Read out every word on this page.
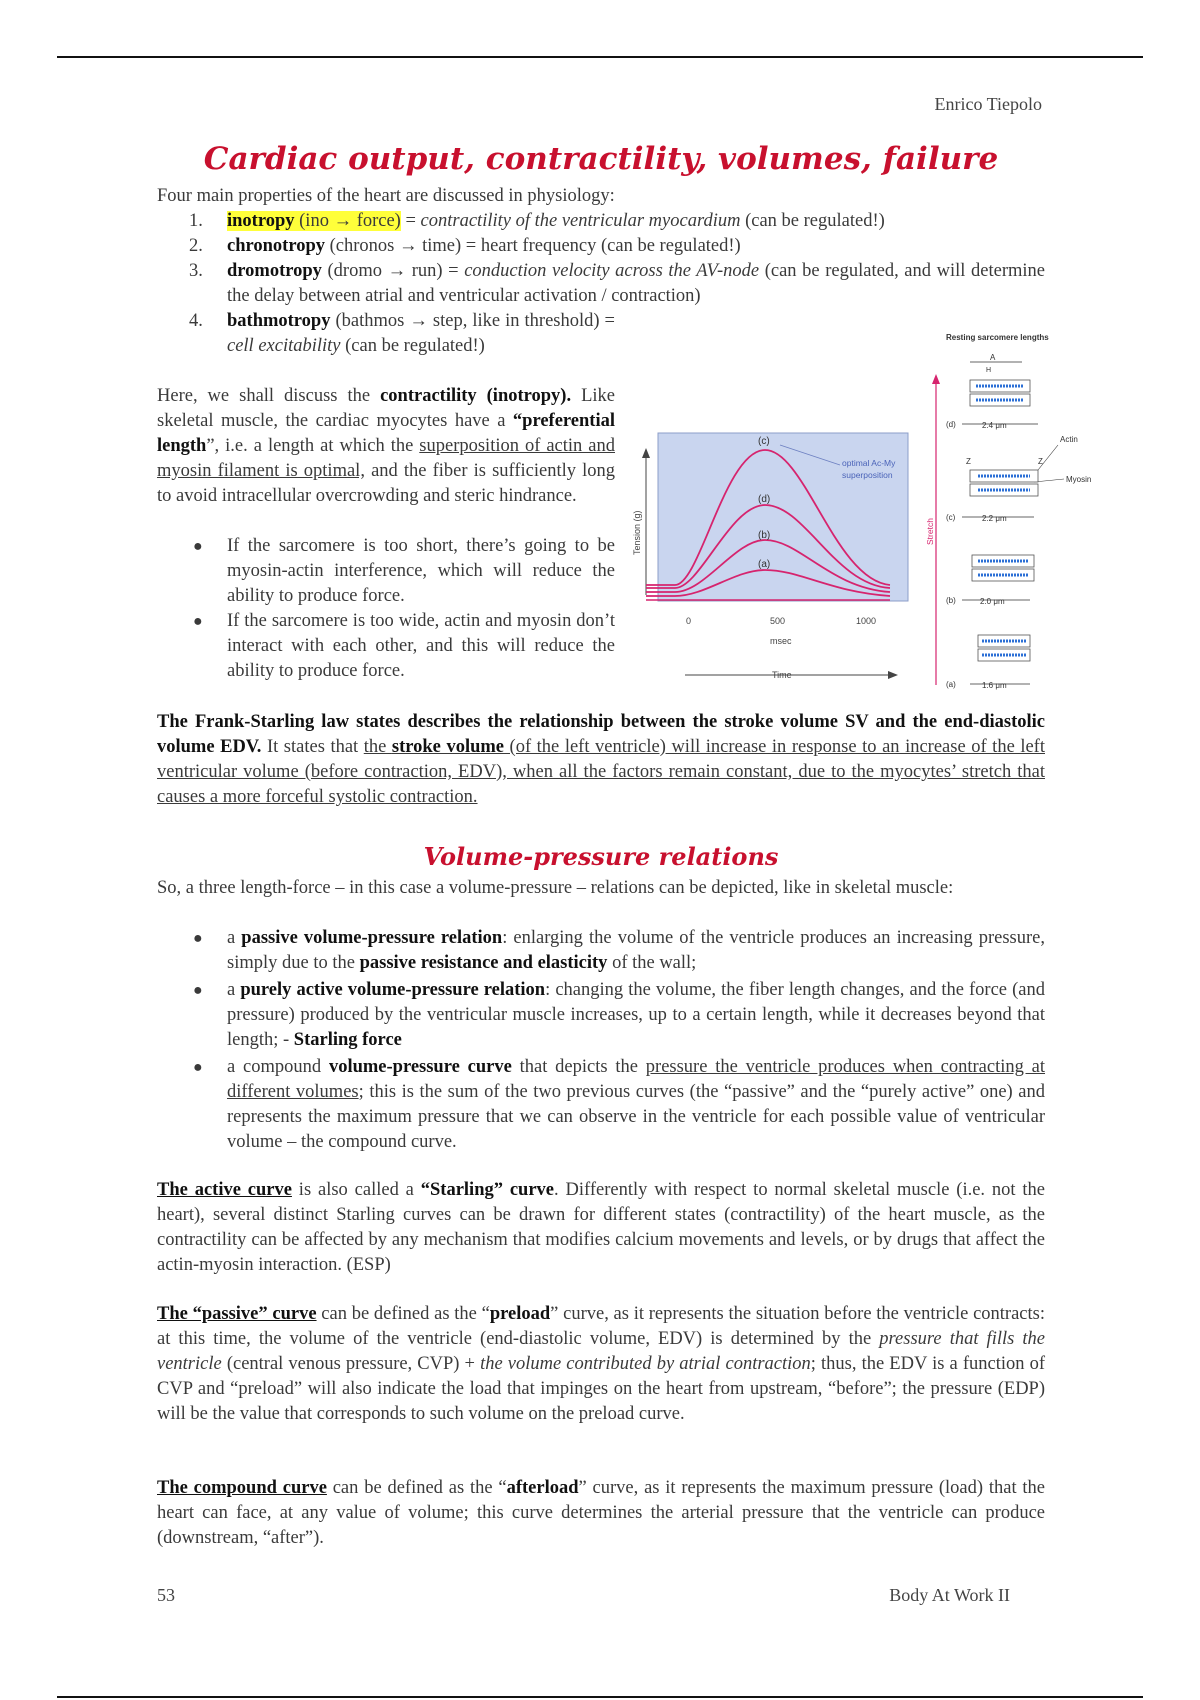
Enrico Tiepolo
Cardiac output, contractility, volumes, failure
Four main properties of the heart are discussed in physiology:
1. inotropy (ino → force) = contractility of the ventricular myocardium (can be regulated!)
2. chronotropy (chronos → time) = heart frequency (can be regulated!)
3. dromotropy (dromo → run) = conduction velocity across the AV-node (can be regulated, and will determine the delay between atrial and ventricular activation / contraction)
4. bathmotropy (bathmos → step, like in threshold) = cell excitability (can be regulated!)
Here, we shall discuss the contractility (inotropy). Like skeletal muscle, the cardiac myocytes have a “preferential length”, i.e. a length at which the superposition of actin and myosin filament is optimal, and the fiber is sufficiently long to avoid intracellular overcrowding and steric hindrance.
● If the sarcomere is too short, there’s going to be myosin-actin interference, which will reduce the ability to produce force.
● If the sarcomere is too wide, actin and myosin don’t interact with each other, and this will reduce the ability to produce force.
Tension (g)
(c)
(d)
(b)
(a)
optimal Ac-My
superposition
0	500	1000
msec
Time
Stretch
Resting sarcomere lengths
A
H
(d)	2.4 μm
Actin
Z	Z
Myosin
(c)	2.2 μm
(b)	2.0 μm
(a)	1.6 μm
The Frank-Starling law states describes the relationship between the stroke volume SV and the end-diastolic volume EDV. It states that the stroke volume (of the left ventricle) will increase in response to an increase of the left ventricular volume (before contraction, EDV), when all the factors remain constant, due to the myocytes’ stretch that causes a more forceful systolic contraction.
Volume-pressure relations
So, a three length-force – in this case a volume-pressure – relations can be depicted, like in skeletal muscle:
● a passive volume-pressure relation: enlarging the volume of the ventricle produces an increasing pressure, simply due to the passive resistance and elasticity of the wall;
● a purely active volume-pressure relation: changing the volume, the fiber length changes, and the force (and pressure) produced by the ventricular muscle increases, up to a certain length, while it decreases beyond that length; - Starling force
● a compound volume-pressure curve that depicts the pressure the ventricle produces when contracting at different volumes; this is the sum of the two previous curves (the “passive” and the “purely active” one) and represents the maximum pressure that we can observe in the ventricle for each possible value of ventricular volume – the compound curve.
The active curve is also called a “Starling” curve. Differently with respect to normal skeletal muscle (i.e. not the heart), several distinct Starling curves can be drawn for different states (contractility) of the heart muscle, as the contractility can be affected by any mechanism that modifies calcium movements and levels, or by drugs that affect the actin-myosin interaction. (ESP)
The “passive” curve can be defined as the “preload” curve, as it represents the situation before the ventricle contracts: at this time, the volume of the ventricle (end-diastolic volume, EDV) is determined by the pressure that fills the ventricle (central venous pressure, CVP) + the volume contributed by atrial contraction; thus, the EDV is a function of CVP and “preload” will also indicate the load that impinges on the heart from upstream, “before”; the pressure (EDP) will be the value that corresponds to such volume on the preload curve.
The compound curve can be defined as the “afterload” curve, as it represents the maximum pressure (load) that the heart can face, at any value of volume; this curve determines the arterial pressure that the ventricle can produce (downstream, “after”).
53	Body At Work II
